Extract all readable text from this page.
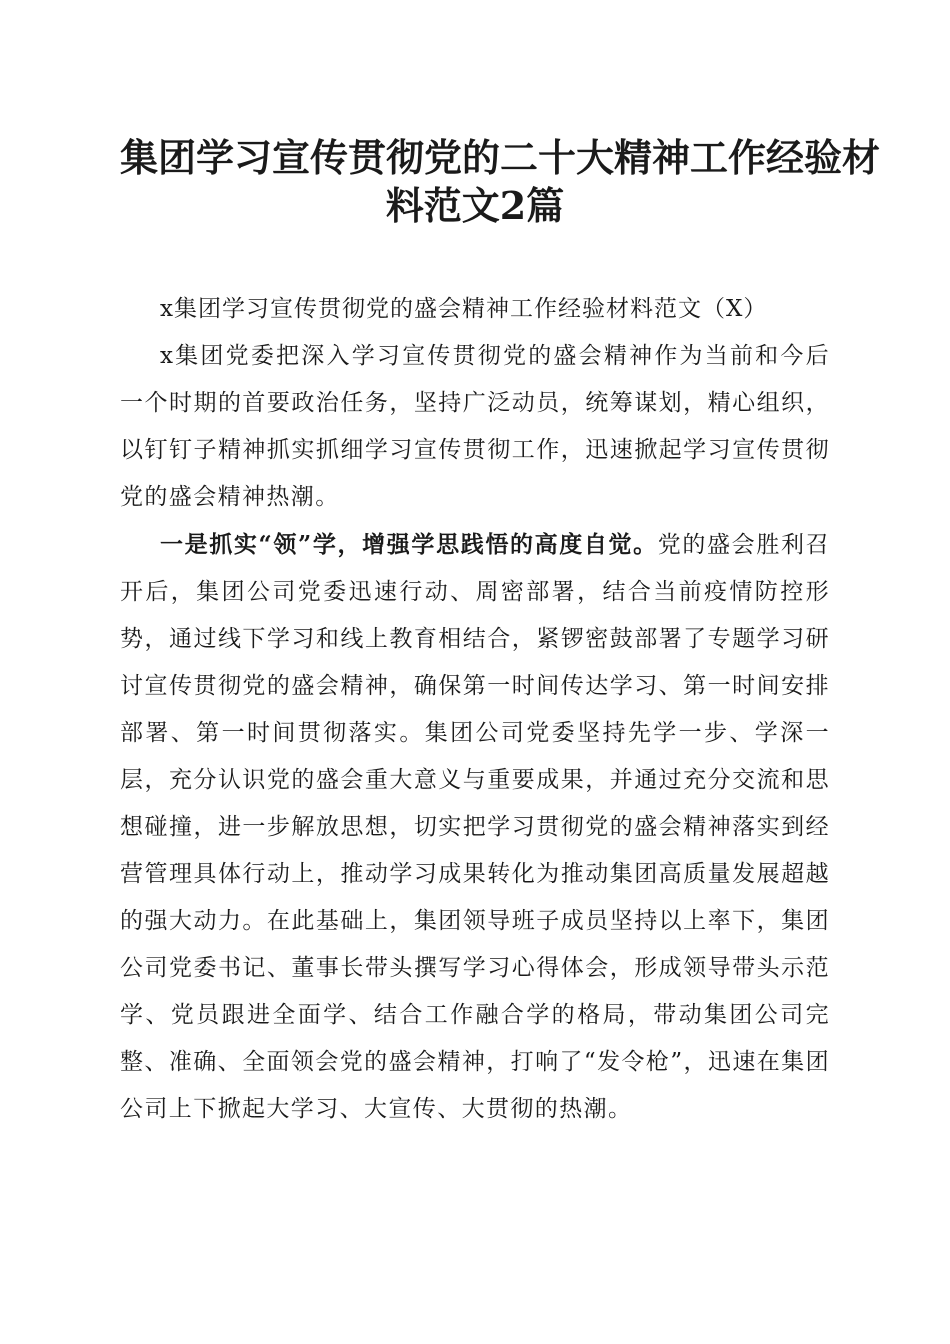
集团学习宣传贯彻党的二十大精神工作经验材
料范文2篇

x集团学习宣传贯彻党的盛会精神工作经验材料范文（X）

x集团党委把深入学习宣传贯彻党的盛会精神作为当前和今后一个时期的首要政治任务，坚持广泛动员，统筹谋划，精心组织，以钉钉子精神抓实抓细学习宣传贯彻工作，迅速掀起学习宣传贯彻党的盛会精神热潮。

一是抓实“领”学，增强学思践悟的高度自觉。党的盛会胜利召开后，集团公司党委迅速行动、周密部署，结合当前疫情防控形势，通过线下学习和线上教育相结合，紧锣密鼓部署了专题学习研讨宣传贯彻党的盛会精神，确保第一时间传达学习、第一时间安排部署、第一时间贯彻落实。集团公司党委坚持先学一步、学深一层，充分认识党的盛会重大意义与重要成果，并通过充分交流和思想碰撞，进一步解放思想，切实把学习贯彻党的盛会精神落实到经营管理具体行动上，推动学习成果转化为推动集团高质量发展超越的强大动力。在此基础上，集团领导班子成员坚持以上率下，集团公司党委书记、董事长带头撰写学习心得体会，形成领导带头示范学、党员跟进全面学、结合工作融合学的格局，带动集团公司完整、准确、全面领会党的盛会精神，打响了“发令枪”，迅速在集团公司上下掀起大学习、大宣传、大贯彻的热潮。
